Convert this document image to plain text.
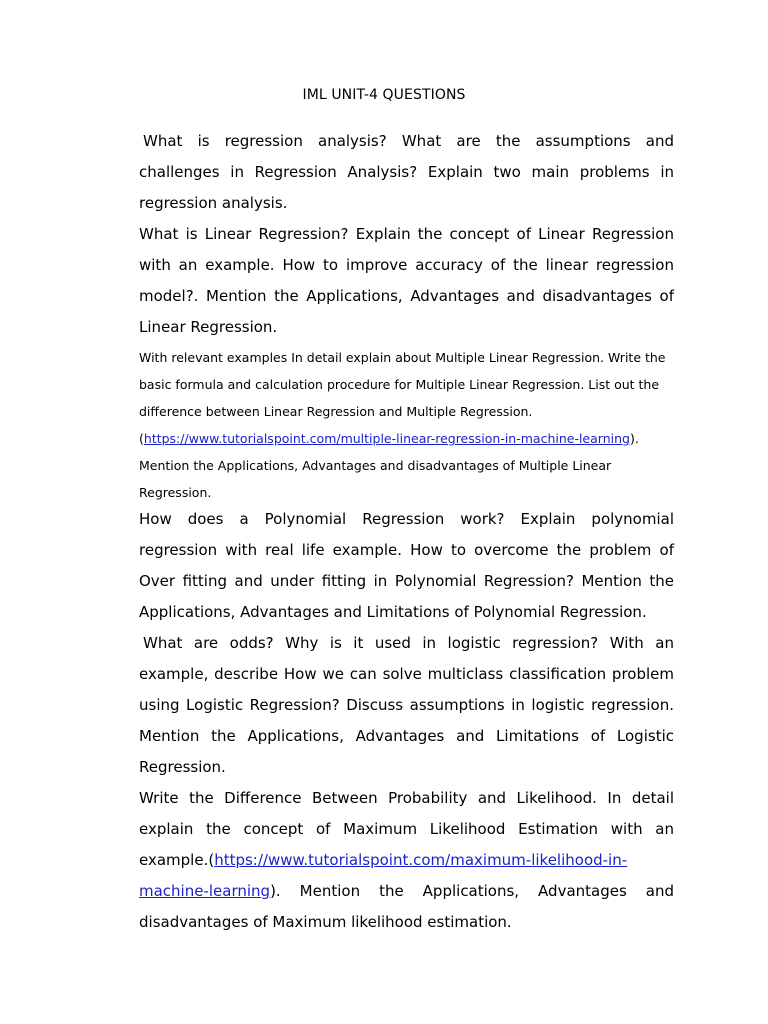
IML UNIT-4 QUESTIONS

What is regression analysis? What are the assumptions and challenges in Regression Analysis? Explain two main problems in regression analysis.

What is Linear Regression? Explain the concept of Linear Regression with an example. How to improve accuracy of the linear regression model?. Mention the Applications, Advantages and disadvantages of Linear Regression.

With relevant examples In detail explain about Multiple Linear Regression. Write the basic formula and calculation procedure for Multiple Linear Regression. List out the difference between Linear Regression and Multiple Regression.(https://www.tutorialspoint.com/multiple-linear-regression-in-machine-learning).

Mention the Applications, Advantages and disadvantages of Multiple Linear Regression.

How does a Polynomial Regression work? Explain polynomial regression with real life example. How to overcome the problem of Over fitting and under fitting in Polynomial Regression? Mention the Applications, Advantages and Limitations of Polynomial Regression.

What are odds? Why is it used in logistic regression? With an example, describe How we can solve multiclass classification problem using Logistic Regression? Discuss assumptions in logistic regression. Mention the Applications, Advantages and Limitations of Logistic Regression.

Write the Difference Between Probability and Likelihood. In detail explain the concept of Maximum Likelihood Estimation with an example.(https://www.tutorialspoint.com/maximum-likelihood-in-machine-learning). Mention the Applications, Advantages and disadvantages of Maximum likelihood estimation.
